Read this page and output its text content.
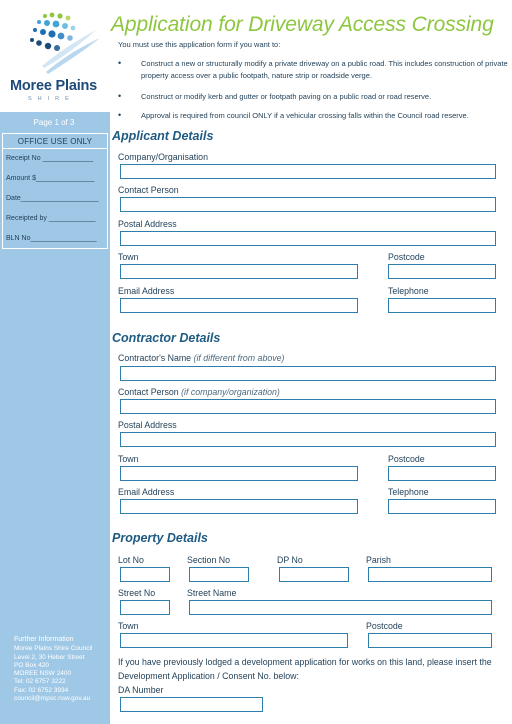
Moree Plains
SHIRE
Page 1 of 3
OFFICE USE ONLY
Receipt No _____________
Amount $_______________
Date____________________
Receipted by ____________
BLN No_________________
Further Information
Moree Plains Shire Council
Level 2, 30 Heber Street
PO Box 420
MOREE NSW 2400
Tel: 02 6757 3222
Fax: 02 6752 3934
council@mpsc.nsw.gov.au
Application for Driveway Access Crossing
You must use this application form if you want to:
•	Construct a new or structurally modify a private driveway on a public road. This includes construction of private property access over a public footpath, nature strip or roadside verge.
•	Construct or modify kerb and gutter or footpath paving on a public road or road reserve.
•	Approval is required from council ONLY if a vehicular crossing falls within the Council road reserve.
Applicant Details
Company/Organisation
Contact Person
Postal Address
Town	Postcode
Email Address	Telephone
Contractor Details
Contractor's Name (if different from above)
Contact Person (if company/organization)
Postal Address
Town	Postcode
Email Address	Telephone
Property Details
Lot No	Section No	DP No	Parish
Street No	Street Name
Town	Postcode
If you have previously lodged a development application for works on this land, please insert the Development Application / Consent No. below:
DA Number
